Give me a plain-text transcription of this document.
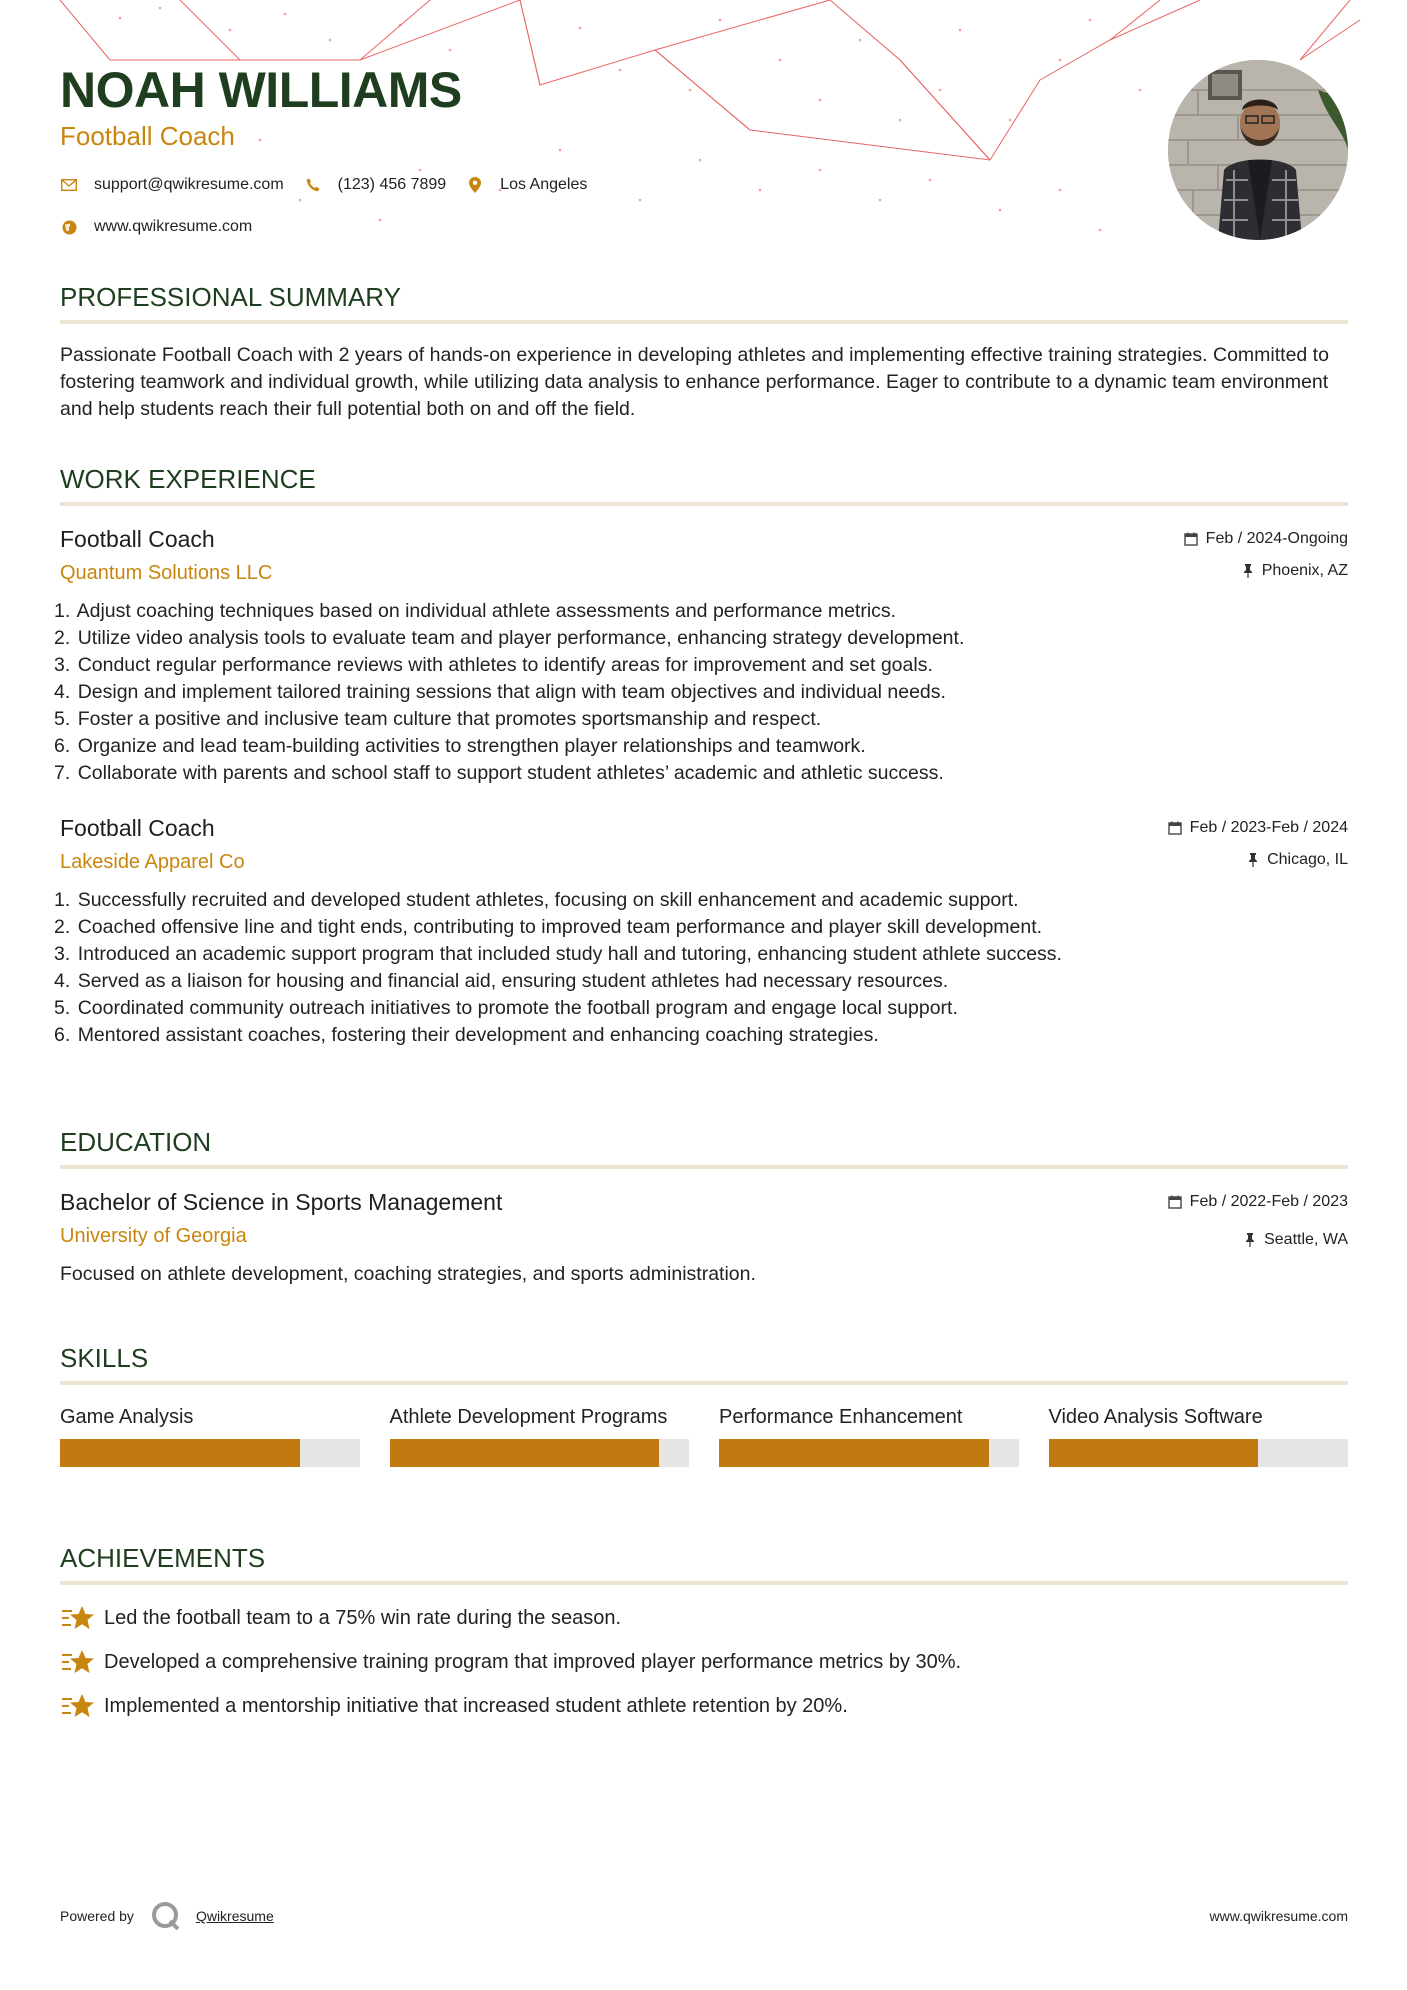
NOAH WILLIAMS
Football Coach
support@qwikresume.com	(123) 456 7899	Los Angeles
www.qwikresume.com
PROFESSIONAL SUMMARY
Passionate Football Coach with 2 years of hands-on experience in developing athletes and implementing effective training strategies. Committed to fostering teamwork and individual growth, while utilizing data analysis to enhance performance. Eager to contribute to a dynamic team environment and help students reach their full potential both on and off the field.
WORK EXPERIENCE
Football Coach
Quantum Solutions LLC
Feb / 2024-Ongoing
Phoenix, AZ
1. Adjust coaching techniques based on individual athlete assessments and performance metrics.
2. Utilize video analysis tools to evaluate team and player performance, enhancing strategy development.
3. Conduct regular performance reviews with athletes to identify areas for improvement and set goals.
4. Design and implement tailored training sessions that align with team objectives and individual needs.
5. Foster a positive and inclusive team culture that promotes sportsmanship and respect.
6. Organize and lead team-building activities to strengthen player relationships and teamwork.
7. Collaborate with parents and school staff to support student athletes’ academic and athletic success.
Football Coach
Lakeside Apparel Co
Feb / 2023-Feb / 2024
Chicago, IL
1. Successfully recruited and developed student athletes, focusing on skill enhancement and academic support.
2. Coached offensive line and tight ends, contributing to improved team performance and player skill development.
3. Introduced an academic support program that included study hall and tutoring, enhancing student athlete success.
4. Served as a liaison for housing and financial aid, ensuring student athletes had necessary resources.
5. Coordinated community outreach initiatives to promote the football program and engage local support.
6. Mentored assistant coaches, fostering their development and enhancing coaching strategies.
EDUCATION
Bachelor of Science in Sports Management
University of Georgia
Feb / 2022-Feb / 2023
Seattle, WA
Focused on athlete development, coaching strategies, and sports administration.
SKILLS
Game Analysis	Athlete Development Programs	Performance Enhancement	Video Analysis Software
ACHIEVEMENTS
Led the football team to a 75% win rate during the season.
Developed a comprehensive training program that improved player performance metrics by 30%.
Implemented a mentorship initiative that increased student athlete retention by 20%.
Powered by	Qwikresume	www.qwikresume.com
